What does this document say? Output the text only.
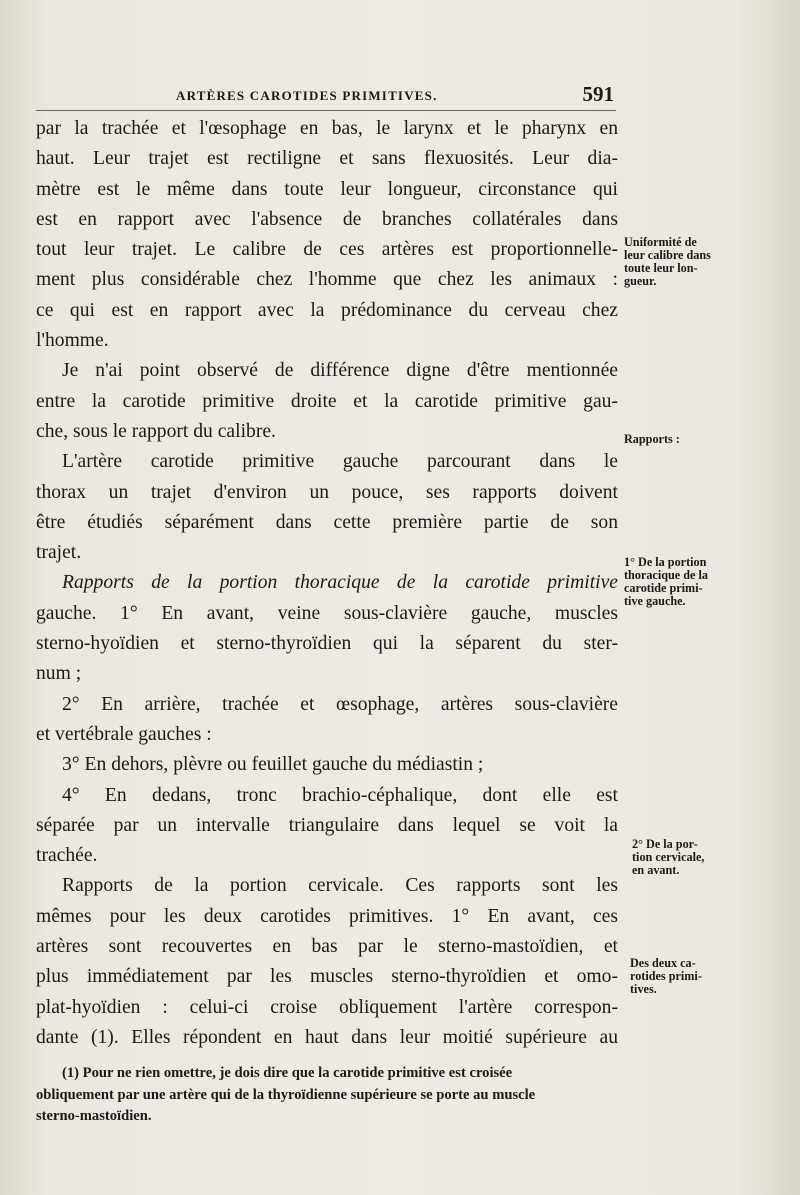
ARTÈRES CAROTIDES PRIMITIVES.	591
par la trachée et l'œsophage en bas, le larynx et le pharynx en
haut. Leur trajet est rectiligne et sans flexuosités. Leur dia-
mètre est le même dans toute leur longueur, circonstance qui
est en rapport avec l'absence de branches collatérales dans
tout leur trajet. Le calibre de ces artères est proportionnelle-
ment plus considérable chez l'homme que chez les animaux :
ce qui est en rapport avec la prédominance du cerveau chez
l'homme.
Je n'ai point observé de différence digne d'être mentionnée
entre la carotide primitive droite et la carotide primitive gau-
che, sous le rapport du calibre.
L'artère carotide primitive gauche parcourant dans le
thorax un trajet d'environ un pouce, ses rapports doivent
être étudiés séparément dans cette première partie de son
trajet.
Rapports de la portion thoracique de la carotide primitive
gauche. 1° En avant, veine sous-clavière gauche, muscles
sterno-hyoïdien et sterno-thyroïdien qui la séparent du ster-
num ;
2° En arrière, trachée et œsophage, artères sous-clavière
et vertébrale gauches :
3° En dehors, plèvre ou feuillet gauche du médiastin ;
4° En dedans, tronc brachio-céphalique, dont elle est
séparée par un intervalle triangulaire dans lequel se voit la
trachée.
Rapports de la portion cervicale. Ces rapports sont les
mêmes pour les deux carotides primitives. 1° En avant, ces
artères sont recouvertes en bas par le sterno-mastoïdien, et
plus immédiatement par les muscles sterno-thyroïdien et omo-
plat-hyoïdien : celui-ci croise obliquement l'artère correspon-
dante (1). Elles répondent en haut dans leur moitié supérieure au
(1) Pour ne rien omettre, je dois dire que la carotide primitive est croisée
obliquement par une artère qui de la thyroïdienne supérieure se porte au muscle
sterno-mastoïdien.
Uniformité de
leur calibre dans
toute leur lon-
gueur.
Rapports :
1° De la portion
thoracique de la
carotide primi-
tive gauche.
2° De la por-
tion cervicale,
en avant.
Des deux ca-
rotides primi-
tives.
